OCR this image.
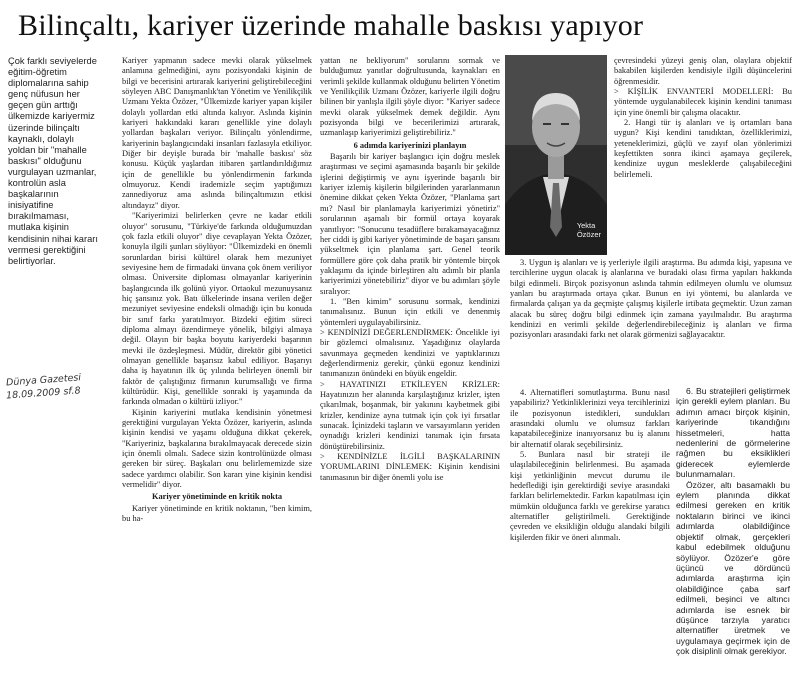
Bilinçaltı, kariyer üzerinde mahalle baskısı yapıyor
Çok farklı seviyelerde eğitim-öğretim diplomalarına sahip genç nüfusun her geçen gün arttığı ülkemizde kariyermiz üzerinde bilinçaltı kaynaklı, dolaylı yoldan bir "mahalle baskısı" olduğunu vurgulayan uzmanlar, kontrolün asla başkalarının inisiyatifine bırakılmaması, mutlaka kişinin kendisinin nihai kararı vermesi gerektiğini belirtiyorlar.
Dünya Gazetesi
18.09.2009 sf.8

Kariyer yapmanın sadece mevki olarak yükselmek anlamına gelmediğini, aynı pozisyondaki kişinin de bilgi ve becerisini artırarak kariyerini geliştirebileceğini söyleyen ABC Danışmanlık'tan Yönetim ve Yenilikçilik Uzmanı Yekta Özözer, "Ülkemizde kariyer yapan kişiler dolaylı yollardan etki altında kalıyor. Aslında kişinin kariyeri hakkındaki kararı genellikle yine dolaylı yollardan başkaları veriyor. Bilinçaltı yönlendirme, kariyerinin başlangıcındaki insanları fazlasıyla etkiliyor. Diğer bir deyişle burada bir 'mahalle baskısı' söz konusu. Küçük yaşlardan itibaren şartlandırıldığımız için de genellikle bu yönlendirmenin farkında olmuyoruz. Kendi irademizle seçim yaptığımızı zannediyoruz ama aslında bilinçaltımızın etkisi altındayız" diyor.

"Kariyerimizi belirlerken çevre ne kadar etkili oluyor" sorusunu, "Türkiye'de farkında olduğumuzdan çok fazla etkili oluyor" diye cevaplayan Yekta Özözer, konuyla ilgili şunları söylüyor: "Ülkemizdeki en önemli sorunlardan birisi kültürel olarak hem mezuniyet seviyesine hem de firmadaki ünvana çok önem veriliyor olması. Üniversite diploması olmayanlar kariyerinin başlangıcında ilk golünü yiyor. Ortaokul mezunuysanız hiç şansınız yok. Batı ülkelerinde insana verilen değer mezuniyet seviyesine endeksli olmadığı için bu konuda bir sınıf farkı yaratılmıyor. Bizdeki eğitim süreci diploma almayı özendirmeye yönelik, bilgiyi almaya değil. Olayın bir başka boyutu kariyerdeki başarının mevki ile özdeşleşmesi. Müdür, direktör gibi yönetici olmayan genellikle başarısız kabul ediliyor. Başarıyı daha iş hayatının ilk üç yılında belirleyen önemli bir faktör de çalıştığınız firmanın kurumsallığı ve firma kültürüdür. Kişi, genellikle sonraki iş yaşamında da farkında olmadan o kültürü izliyor."

Kişinin kariyerini mutlaka kendisinin yönetmesi gerektiğini vurgulayan Yekta Özözer, kariyerin, aslında kişinin kendisi ve yaşamı olduğuna dikkat çekerek, "Kariyeriniz, başkalarına bırakılmayacak derecede sizin için önemli olmalı. Sadece sizin kontrolünüzde olması gereken bir süreç. Başkaları onu belirlememizde size sadece yardımcı olabilir. Son kararı yine kişinin kendisi vermelidir" diyor.

Kariyer yönetiminde en kritik nokta

Kariyer yönetiminde en kritik noktanın, "ben kimim, bu ha-

yattan ne bekliyorum" sorularını sormak ve bulduğumuz yanıtlar doğrultusunda, kaynakları en verimli şekilde kullanmak olduğunu belirten Yönetim ve Yenilikçilik Uzmanı Özözer, kariyerle ilgili doğru bilinen bir yanlışla ilgili şöyle diyor: "Kariyer sadece mevki olarak yükselmek demek değildir. Aynı pozisyonda bilgi ve becerilerimizi artırarak, uzmanlaşıp kariyerimizi geliştirebiliriz."

6 adımda kariyerinizi planlayın

Başarılı bir kariyer başlangıcı için doğru meslek araştırması ve seçimi aşamasında başarılı bir şekilde işlerini değiştirmiş ve aynı işyerinde başarılı bir kariyer izlemiş kişilerin bilgilerinden yararlanmanın önemine dikkat çeken Yekta Özözer, "Planlama şart mı? Nasıl bir planlamayla kariyerimizi yönetiriz" sorularının aşamalı bir formül ortaya koyarak yanıtlıyor: "Sonucunu tesadüflere bırakamayacağınız her ciddi iş gibi kariyer yönetiminde de başarı şansını yükseltmek için planlama şart. Genel teorik formüllere göre çok daha pratik bir yöntemle birçok yaklaşımı da içinde birleştiren altı adımlı bir planla kariyerimizi yönetebiliriz" diyor ve bu adımları şöyle sıralıyor:

1. "Ben kimim" sorusunu sormak, kendinizi tanımalısınız. Bunun için etkili ve denenmiş yöntemleri uygulayabilirsiniz.

> KENDİNİZİ DEĞERLENDİRMEK: Öncelikle iyi bir gözlemci olmalısınız. Yaşadığınız olaylarda savunmaya geçmeden kendinizi ve yaptıklarınızı değerlendirmeniz gerekir, çünkü egonuz kendinizi tanımanızın önündeki en büyük engeldir.

> HAYATINIZI ETKİLEYEN KRİZLER: Hayatınızın her alanında karşılaştığınız krizler, işten çıkarılmak, boşanmak, bir yakınını kaybetmek gibi krizler, kendinize ayna tutmak için çok iyi fırsatlar sunacak. İçinizdeki taşların ve varsayımların yeriden oynadığı krizleri kendinizi tanımak için fırsata dönüştürebilirsiniz.

> KENDİNİZLE İLGİLİ BAŞKALARININ YORUMLARINI DİNLEMEK: Kişinin kendisini tanımasının bir diğer önemli yolu ise

Yekta
Özözer

çevresindeki yüzeyi geniş olan, olaylara objektif bakabilen kişilerden kendisiyle ilgili düşüncelerini öğrenmesidir.

> KİŞİLİK ENVANTERİ MODELLERİ: Bu yöntemde uygulanabilecek kişinin kendini tanıması için yine önemli bir çalışma olacaktır.

2. Hangi tür iş alanları ve iş ortamları bana uygun? Kişi kendini tanıdıktan, özelliklerimizi, yeteneklerimizi, güçlü ve zayıf olan yönlerimizi keşfettikten sonra ikinci aşamaya geçilerek, kendinize uygun mesleklerde çalışabileceğini belirlemeli.

3. Uygun iş alanları ve iş yerleriyle ilgili araştırma. Bu adımda kişi, yapısına ve tercihlerine uygun olacak iş alanlarına ve buradaki olası firma yapıları hakkında bilgi edinmeli. Birçok pozisyonun aslında tahmin edilmeyen olumlu ve olumsuz yanları bu araştırmada ortaya çıkar. Bunun en iyi yöntemi, bu alanlarda ve firmalarda çalışan ya da geçmişte çalışmış kişilerle irtibata geçmektir. Uzun zaman alacak bu süreç doğru bilgi edinmek için zamana yayılmalıdır. Bu araştırma kendinizi en verimli şekilde değerlendirebileceğiniz iş alanları ve firma pozisyonları arasındaki farkı net olarak görmenizi sağlayacaktır.

4. Alternatifleri somutlaştırma. Bunu nasıl yapabiliriz? Yetkinliklerinizi veya tercihlerinizi ile pozisyonun istedikleri, sundukları arasındaki olumlu ve olumsuz farkları kapatabileceğinize inanıyorsanız bu iş alanını bir alternatif olarak seçebilirsiniz.

5. Bunlara nasıl bir strateji ile ulaşılabileceğinin belirlenmesi. Bu aşamada kişi yetkinliğinin mevcut durumu ile hedeflediği işin gerektirdiği seviye arasındaki farkları belirlemektedir. Farkın kapatılması için mümkün olduğunca farklı ve gerekirse yaratıcı alternatifler geliştirilmeli. Gerektiğinde çevreden ve eksikliğin olduğu alandaki bilgili kişilerden fikir ve öneri alınmalı.

6. Bu stratejileri geliştirmek için gerekli eylem planları. Bu adımın amacı birçok kişinin, kariyerinde tıkandığını hissetmeleri, hatta nedenlerini de görmelerine rağmen bu eksiklikleri giderecek eylemlerde bulunmamaları.

Özözer, altı basamaklı bu eylem planında dikkat edilmesi gereken en kritik noktaların birinci ve ikinci adımlarda olabildiğince objektif olmak, gerçekleri kabul edebilmek olduğunu söylüyor. Özözer'e göre üçüncü ve dördüncü adımlarda araştırma için olabildiğince çaba sarf edilmeli, beşinci ve altıncı adımlarda ise esnek bir düşünce tarzıyla yaratıcı alternatifler üretmek ve uygulamaya geçirmek için de çok disiplinli olmak gerekiyor.
